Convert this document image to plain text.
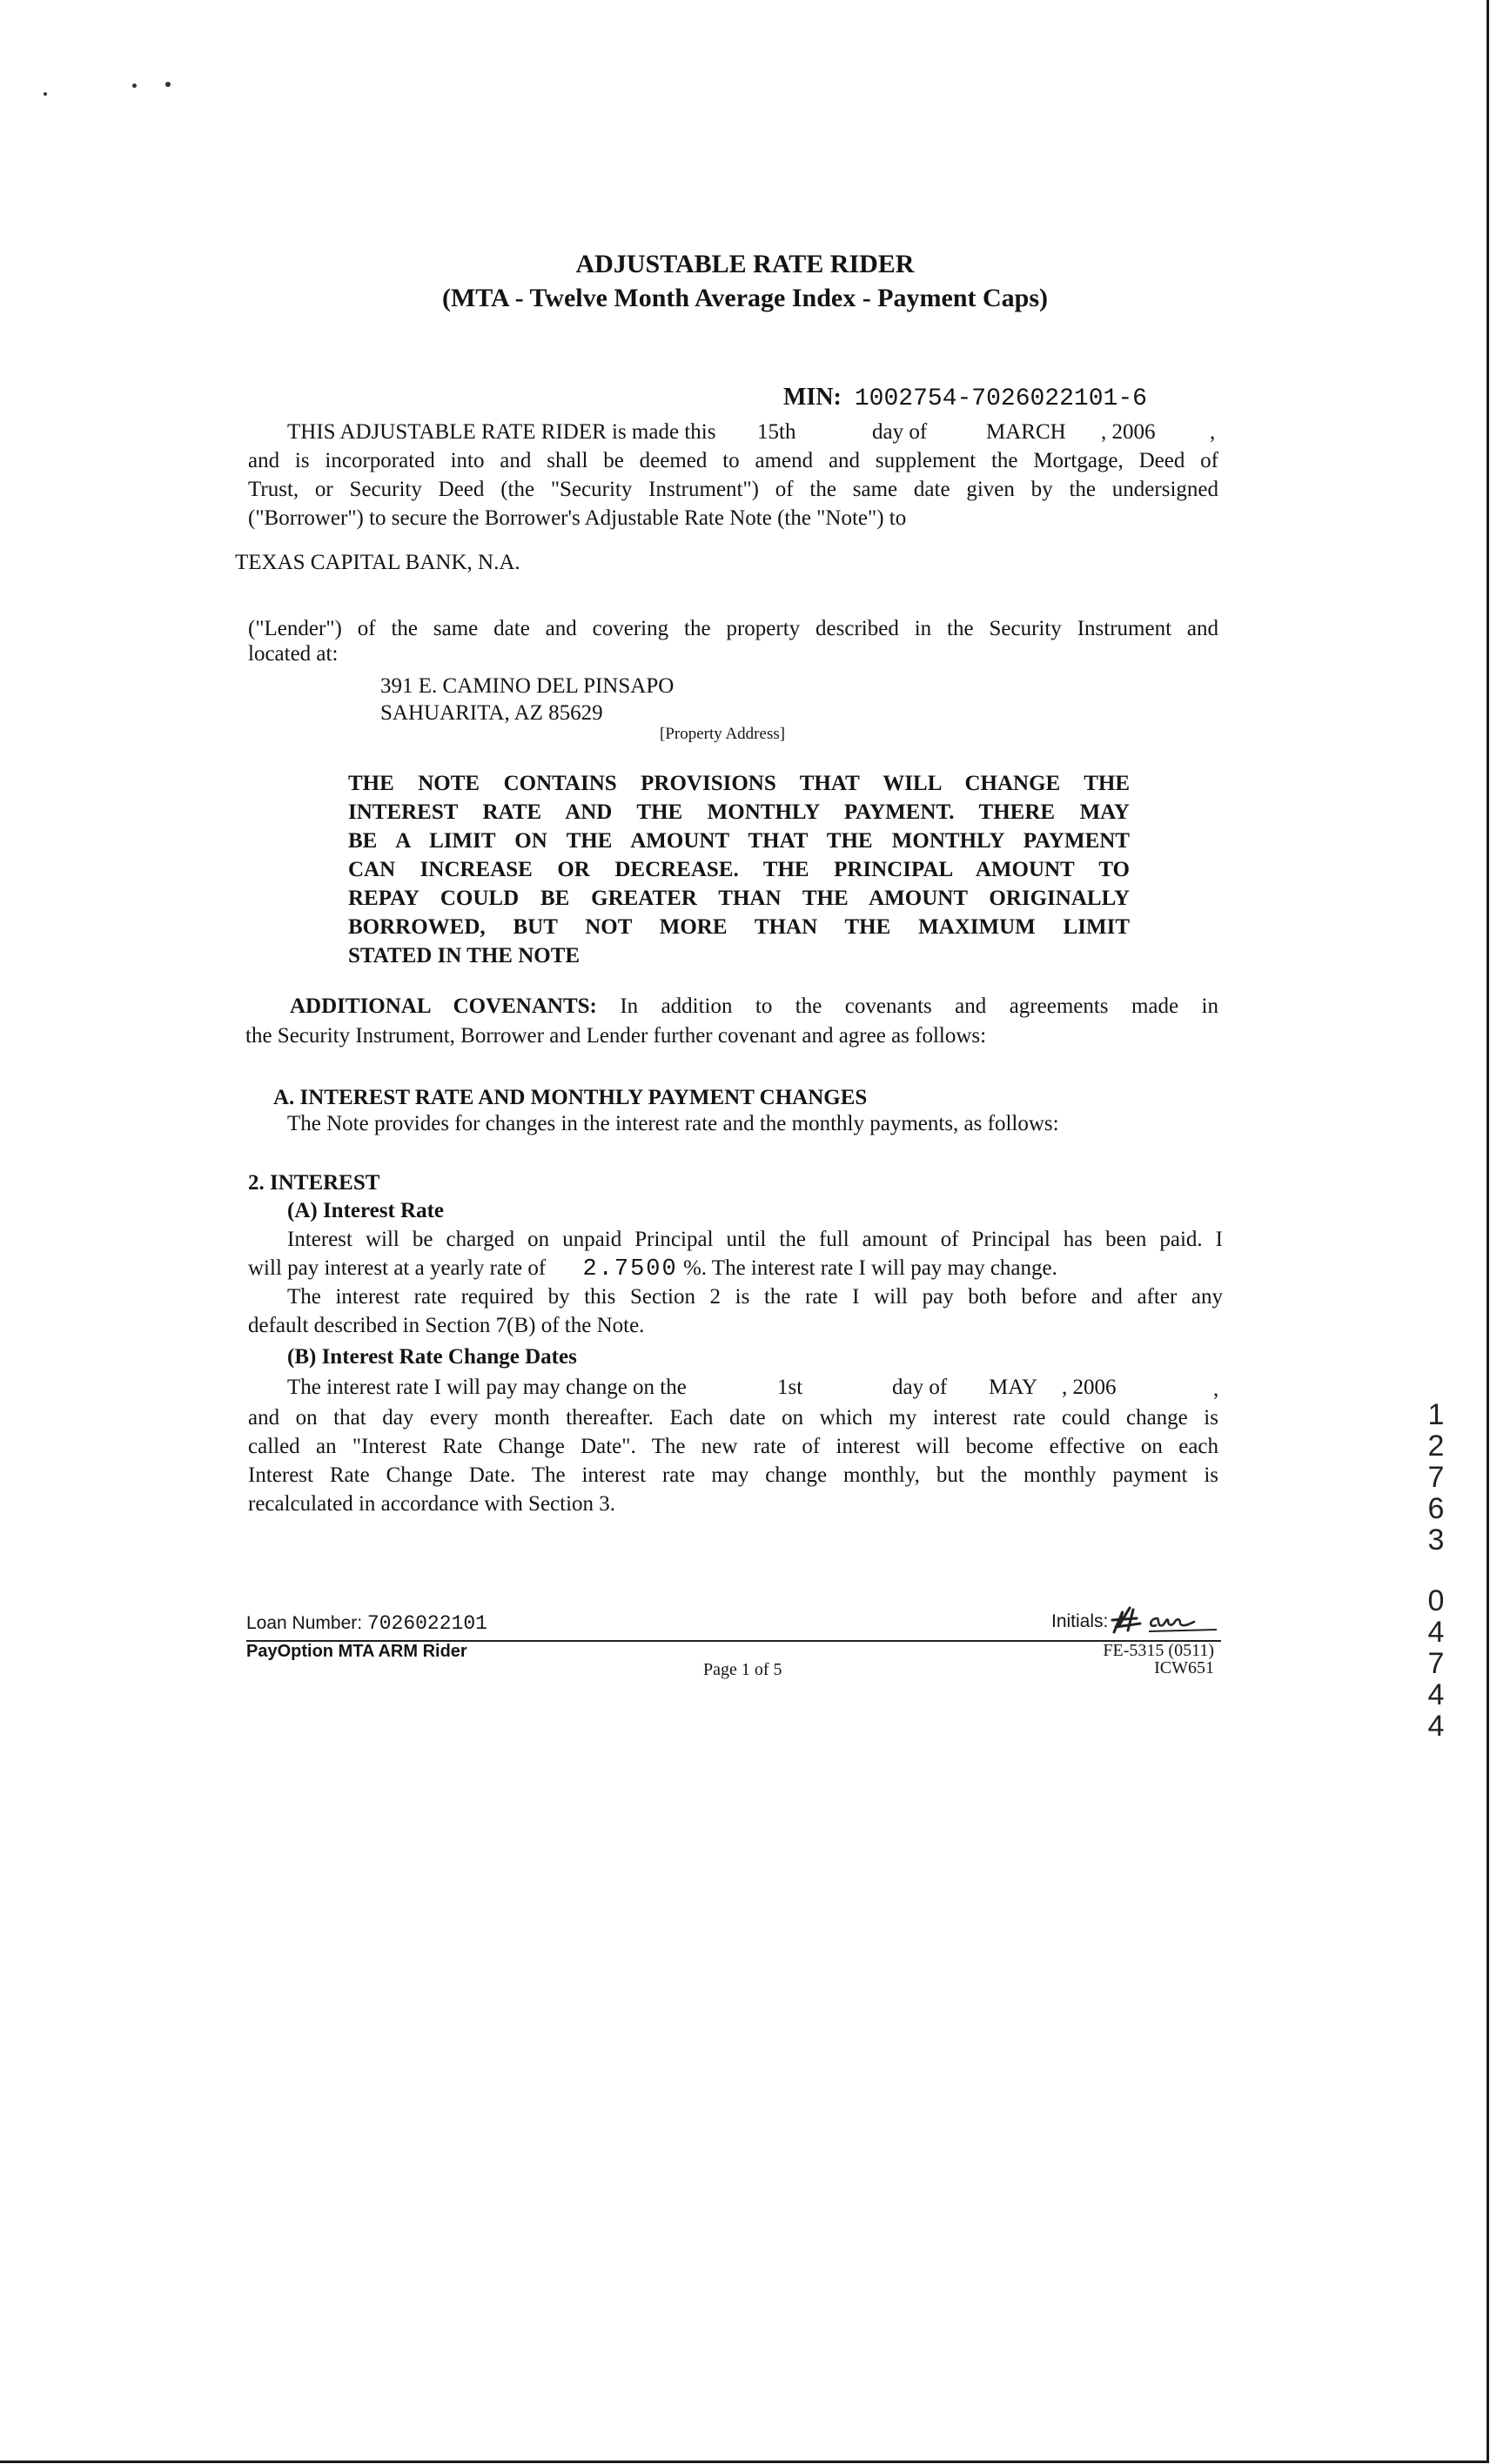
ADJUSTABLE RATE RIDER
(MTA - Twelve Month Average Index - Payment Caps)
MIN: 1002754-7026022101-6
THIS ADJUSTABLE RATE RIDER is made this 15th	day of	MARCH , 2006	,
and is incorporated into and shall be deemed to amend and supplement the Mortgage, Deed of
Trust, or Security Deed (the "Security Instrument") of the same date given by the undersigned
("Borrower") to secure the Borrower's Adjustable Rate Note (the "Note") to
TEXAS CAPITAL BANK, N.A.
("Lender") of the same date and covering the property described in the Security Instrument and
located at:
391 E. CAMINO DEL PINSAPO
SAHUARITA, AZ 85629
[Property Address]
THE NOTE CONTAINS PROVISIONS THAT WILL CHANGE THE
INTEREST RATE AND THE MONTHLY PAYMENT. THERE MAY
BE A LIMIT ON THE AMOUNT THAT THE MONTHLY PAYMENT
CAN INCREASE OR DECREASE. THE PRINCIPAL AMOUNT TO
REPAY COULD BE GREATER THAN THE AMOUNT ORIGINALLY
BORROWED, BUT NOT MORE THAN THE MAXIMUM LIMIT
STATED IN THE NOTE
ADDITIONAL COVENANTS: In addition to the covenants and agreements made in
the Security Instrument, Borrower and Lender further covenant and agree as follows:
A. INTEREST RATE AND MONTHLY PAYMENT CHANGES
The Note provides for changes in the interest rate and the monthly payments, as follows:
2. INTEREST
(A) Interest Rate
Interest will be charged on unpaid Principal until the full amount of Principal has been paid. I
will pay interest at a yearly rate of 2.7500 %. The interest rate I will pay may change.
The interest rate required by this Section 2 is the rate I will pay both before and after any
default described in Section 7(B) of the Note.
(B) Interest Rate Change Dates
The interest rate I will pay may change on the	1st	day of MAY , 2006	,
and on that day every month thereafter. Each date on which my interest rate could change is
called an "Interest Rate Change Date". The new rate of interest will become effective on each
Interest Rate Change Date. The interest rate may change monthly, but the monthly payment is
recalculated in accordance with Section 3.
Loan Number: 7026022101	Initials:
PayOption MTA ARM Rider
Page 1 of 5
FE-5315 (0511)
ICW651
1
2
7
6
3
0
4
7
4
4
